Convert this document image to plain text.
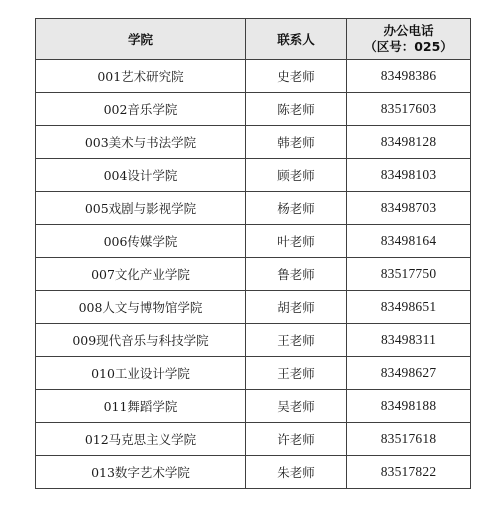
学院	联系人	办公电话
（区号：025）

001艺术研究院	史老师	83498386
002音乐学院	陈老师	83517603
003美术与书法学院	韩老师	83498128
004设计学院	顾老师	83498103
005戏剧与影视学院	杨老师	83498703
006传媒学院	叶老师	83498164
007文化产业学院	鲁老师	83517750
008人文与博物馆学院	胡老师	83498651
009现代音乐与科技学院	王老师	83498311
010工业设计学院	王老师	83498627
011舞蹈学院	吴老师	83498188
012马克思主义学院	许老师	83517618
013数字艺术学院	朱老师	83517822
